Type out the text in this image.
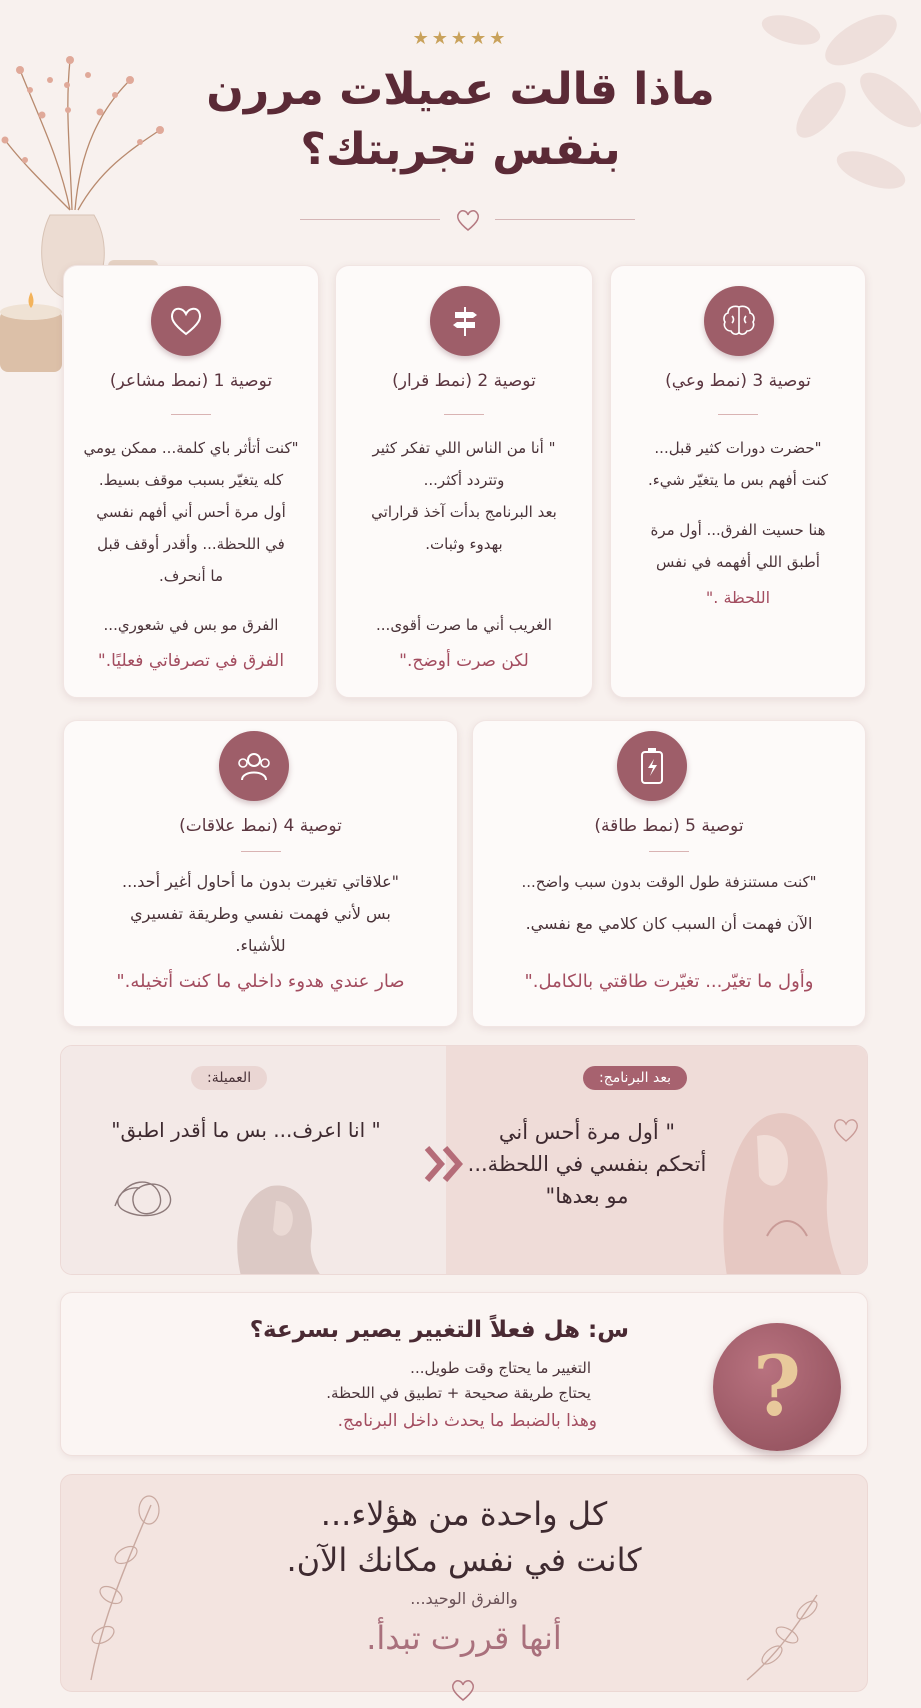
★★★★★
ماذا قالت عميلات مررن
بنفس تجربتك؟
توصية 3 (نمط وعي)
"حضرت دورات كثير قبل...
كنت أفهم بس ما يتغيّر شيء.
هنا حسيت الفرق... أول مرة
أطبق اللي أفهمه في نفس
اللحظة ."
توصية 2 (نمط قرار)
" أنا من الناس اللي تفكر كثير
وتتردد أكثر...
بعد البرنامج بدأت آخذ قراراتي
بهدوء وثبات.
الغريب أني ما صرت أقوى...
لكن صرت أوضح."
توصية 1 (نمط مشاعر)
"كنت أتأثر باي كلمة... ممكن يومي
كله يتغيّر بسبب موقف بسيط.
أول مرة أحس أني أفهم نفسي
في اللحظة... وأقدر أوقف قبل
ما أنحرف.
الفرق مو بس في شعوري...
الفرق في تصرفاتي فعليًا."
توصية 5 (نمط طاقة)
"كنت مستنزفة طول الوقت بدون سبب واضح...
الآن فهمت أن السبب كان كلامي مع نفسي.
وأول ما تغيّر... تغيّرت طاقتي بالكامل."
توصية 4 (نمط علاقات)
"علاقاتي تغيرت بدون ما أحاول أغير أحد...
بس لأني فهمت نفسي وطريقة تفسيري
للأشياء.
صار عندي هدوء داخلي ما كنت أتخيله."
العميلة:
" انا اعرف... بس ما أقدر اطبق"
بعد البرنامج:
" أول مرة أحس أني
أتحكم بنفسي في اللحظة...
مو بعدها"
س: هل فعلاً التغيير يصير بسرعة؟
التغيير ما يحتاج وقت طويل...
يحتاج طريقة صحيحة + تطبيق في اللحظة.
وهذا بالضبط ما يحدث داخل البرنامج.	?
كل واحدة من هؤلاء...
كانت في نفس مكانك الآن.
والفرق الوحيد...
أنها قررت تبدأ.
